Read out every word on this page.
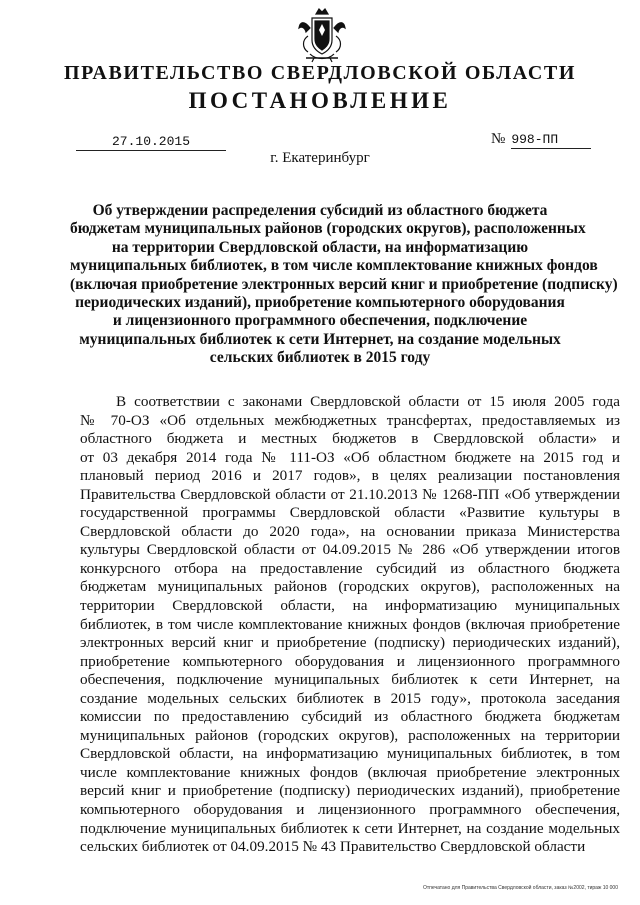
ПРАВИТЕЛЬСТВО СВЕРДЛОВСКОЙ ОБЛАСТИ
ПОСТАНОВЛЕНИЕ
27.10.2015	№ 998-ПП
г. Екатеринбург
Об утверждении распределения субсидий из областного бюджета
бюджетам муниципальных районов (городских округов), расположенных
на территории Свердловской области, на информатизацию
муниципальных библиотек, в том числе комплектование книжных фондов
(включая приобретение электронных версий книг и приобретение (подписку)
периодических изданий), приобретение компьютерного оборудования
и лицензионного программного обеспечения, подключение
муниципальных библиотек к сети Интернет, на создание модельных
сельских библиотек в 2015 году
В соответствии с законами Свердловской области от 15 июля 2005 года
№ 70-ОЗ «Об отдельных межбюджетных трансфертах, предоставляемых из
областного бюджета и местных бюджетов в Свердловской области» и
от 03 декабря 2014 года № 111-ОЗ «Об областном бюджете на 2015 год и
плановый период 2016 и 2017 годов», в целях реализации постановления
Правительства Свердловской области от 21.10.2013 № 1268-ПП «Об утверждении
государственной программы Свердловской области «Развитие культуры в
Свердловской области до 2020 года», на основании приказа Министерства
культуры Свердловской области от 04.09.2015 № 286 «Об утверждении итогов
конкурсного отбора на предоставление субсидий из областного бюджета
бюджетам муниципальных районов (городских округов), расположенных на
территории Свердловской области, на информатизацию муниципальных
библиотек, в том числе комплектование книжных фондов (включая приобретение
электронных версий книг и приобретение (подписку) периодических изданий),
приобретение компьютерного оборудования и лицензионного программного
обеспечения, подключение муниципальных библиотек к сети Интернет, на
создание модельных сельских библиотек в 2015 году», протокола заседания
комиссии по предоставлению субсидий из областного бюджета бюджетам
муниципальных районов (городских округов), расположенных на территории
Свердловской области, на информатизацию муниципальных библиотек, в том
числе комплектование книжных фондов (включая приобретение электронных
версий книг и приобретение (подписку) периодических изданий), приобретение
компьютерного оборудования и лицензионного программного обеспечения,
подключение муниципальных библиотек к сети Интернет, на создание модельных
сельских библиотек от 04.09.2015 № 43 Правительство Свердловской области
Отпечатано для Правительства Свердловской области, заказ №2002, тираж 10 000
